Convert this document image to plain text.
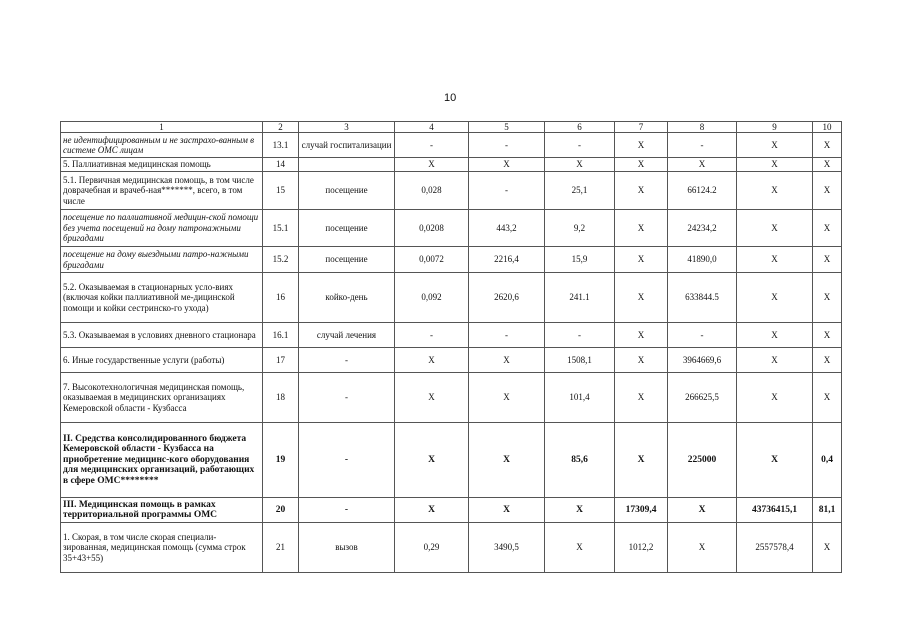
10
1	2	3	4	5	6	7	8	9	10
не идентифицированным и не застрахо-ванным в системе ОМС лицам	13.1	случай госпитализации	-	-	-	X	-	X	X
5. Паллиативная медицинская помощь	14		X	X	X	X	X	X	X
5.1. Первичная медицинская помощь, в том числе доврачебная и врачеб-ная*******, всего, в том числе	15	посещение	0,028	-	25,1	X	66124.2	X	X
посещение по паллиативной медицин-ской помощи без учета посещений на дому патронажными бригадами	15.1	посещение	0,0208	443,2	9,2	X	24234,2	X	X
посещение на дому выездными патро-нажными бригадами	15.2	посещение	0,0072	2216,4	15,9	X	41890,0	X	X
5.2. Оказываемая в стационарных усло-виях (включая койки паллиативной ме-дицинской помощи и койки сестринско-го ухода)	16	койко-день	0,092	2620,6	241.1	X	633844.5	X	X
5.3. Оказываемая в условиях дневного стационара	16.1	случай лечения	-	-	-	X	-	X	X
6. Иные государственные услуги (работы)	17	-	X	X	1508,1	X	3964669,6	X	X
7. Высокотехнологичная медицинская помощь, оказываемая в медицинских организациях Кемеровской области - Кузбасса	18	-	X	X	101,4	X	266625,5	X	X
II. Средства консолидированного бюджета Кемеровской области - Кузбасса на приобретение медицинс-кого оборудования для медицинских организаций, работающих в сфере ОМС********	19	-	X	X	85,6	X	225000	X	0,4
III. Медицинская помощь в рамках территориальной программы ОМС	20	-	X	X	X	17309,4	X	43736415,1	81,1
1. Скорая, в том числе скорая специали-зированная, медицинская помощь (сумма строк 35+43+55)	21	вызов	0,29	3490,5	X	1012,2	X	2557578,4	X
